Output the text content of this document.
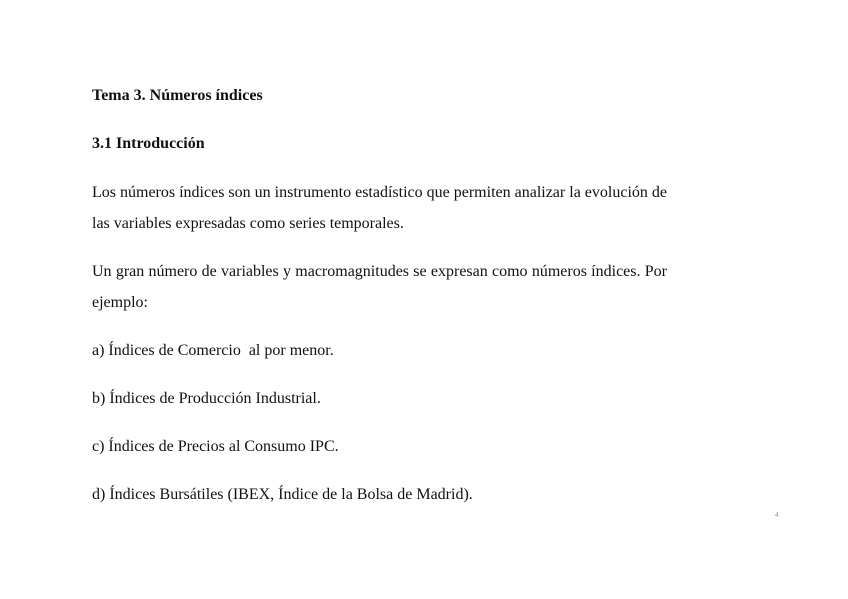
Tema 3. Números índices
3.1 Introducción

Los números índices son un instrumento estadístico que permiten analizar la evolución de las variables expresadas como series temporales.

Un gran número de variables y macromagnitudes se expresan como números índices. Por ejemplo:

a) Índices de Comercio  al por menor.
b) Índices de Producción Industrial.
c) Índices de Precios al Consumo IPC.
d) Índices Bursátiles (IBEX, Índice de la Bolsa de Madrid).
4
